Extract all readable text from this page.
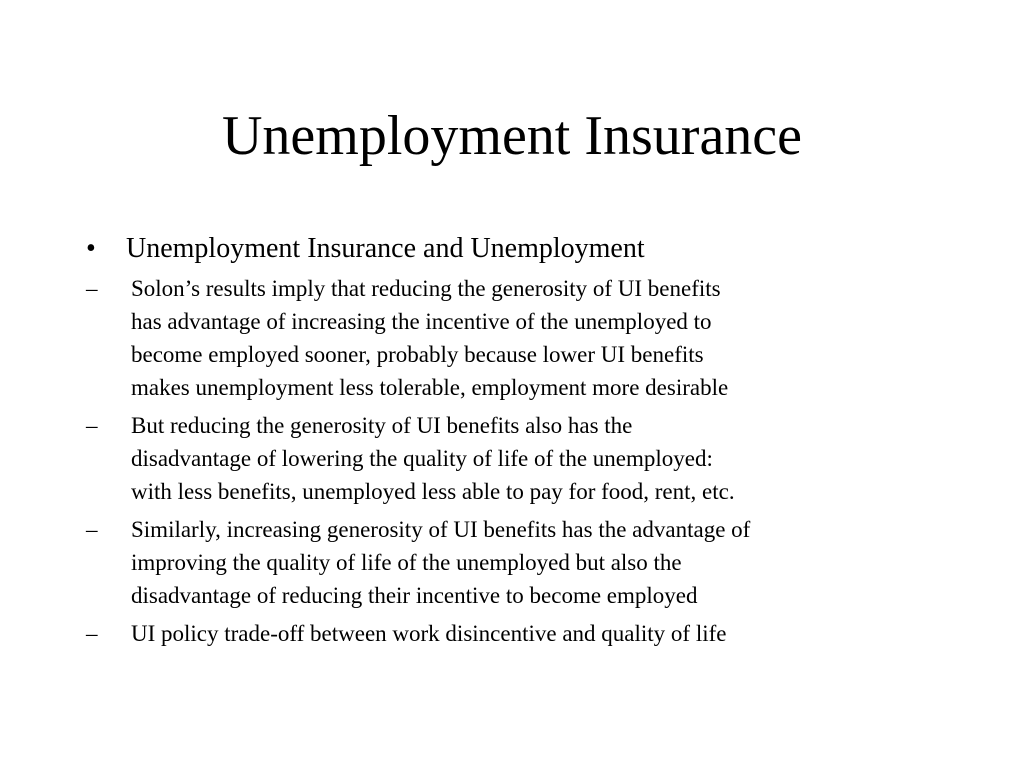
Unemployment Insurance
•	Unemployment Insurance and Unemployment
–	Solon’s results imply that reducing the generosity of UI benefits
has advantage of increasing the incentive of the unemployed to
become employed sooner, probably because lower UI benefits
makes unemployment less tolerable, employment more desirable
–	But reducing the generosity of UI benefits also has the
disadvantage of lowering the quality of life of the unemployed:
with less benefits, unemployed less able to pay for food, rent, etc.
–	Similarly, increasing generosity of UI benefits has the advantage of
improving the quality of life of the unemployed but also the
disadvantage of reducing their incentive to become employed
–	UI policy trade-off between work disincentive and quality of life
